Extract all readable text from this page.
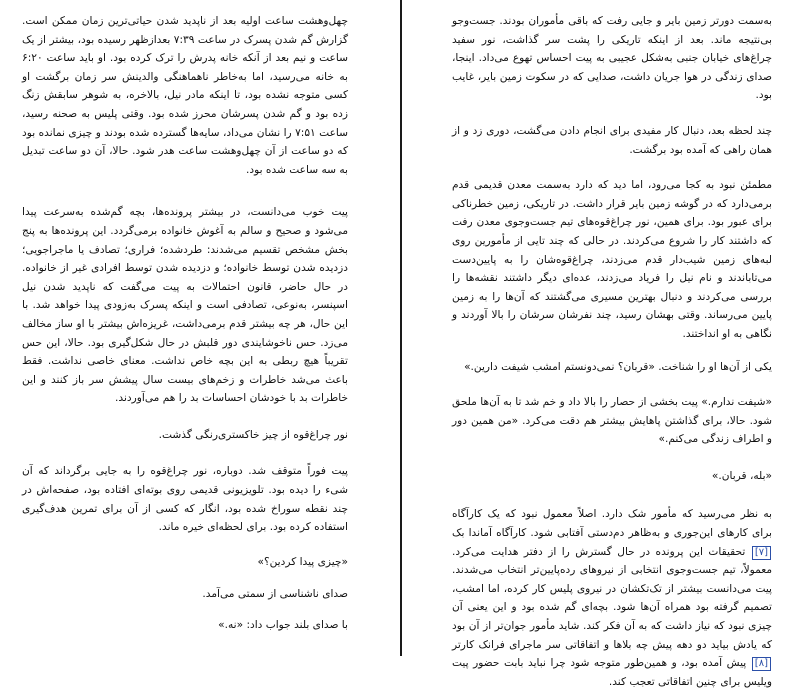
به‌سمت دورتر زمین بایر و جایی رفت که باقی مأموران بودند. جست‌وجو بی‌نتیجه ماند. بعد از اینکه تاریکی را پشت سر گذاشت، نور سفید چراغ‌های خیابان جنبی به‌شکل عجیبی به پیت احساس تهوع می‌داد. اینجا، صدای زندگی در هوا جریان داشت، صدایی که در سکوت زمین بایر، غایب بود.

چند لحظه بعد، دنبال کار مفیدی برای انجام دادن می‌گشت، دوری زد و از همان راهی که آمده بود برگشت.

مطمئن نبود به کجا می‌رود، اما دید که دارد به‌سمت معدن قدیمی قدم برمی‌دارد که در گوشه زمین بایر قرار داشت. در تاریکی، زمین خطرناکی برای عبور بود. برای همین، نور چراغ‌قوه‌های تیم جست‌وجوی معدن رفت که داشتند کار را شروع می‌کردند. در حالی که چند تایی از مأمورین روی لبه‌های زمین شیب‌دار قدم می‌زدند، چراغ‌قوه‌شان را به پایین‌دست می‌تاباندند و نام نیل را فریاد می‌زدند، عده‌ای دیگر داشتند نقشه‌ها را بررسی می‌کردند و دنبال بهترین مسیری می‌گشتند که آن‌ها را به زمین پایین می‌رساند. وقتی بهشان رسید، چند نفرشان سرشان را بالا آوردند و نگاهی به او انداختند.

یکی از آن‌ها او را شناخت. «قربان؟ نمی‌دونستم امشب شیفت دارین.»

«شیفت ندارم.» پیت بخشی از حصار را بالا داد و خم شد تا به آن‌ها ملحق شود. حالا، برای گذاشتن پاهایش بیشتر هم دقت می‌کرد. «من همین دور و اطراف زندگی می‌کنم.»

«بله، قربان.»

به نظر می‌رسید که مأمور شک دارد. اصلاً معمول نبود که یک کارآگاه برای کارهای این‌جوری و به‌ظاهر دم‌دستی آفتابی شود. کارآگاه آماندا بک [۷] تحقیقات این پرونده در حال گسترش را از دفتر هدایت می‌کرد. معمولاً، تیم جست‌وجوی انتخابی از نیروهای رده‌پایین‌تر انتخاب می‌شدند. پیت می‌دانست بیشتر از تک‌تکشان در نیروی پلیس کار کرده، اما امشب، تصمیم گرفته بود همراه آن‌ها شود. بچه‌ای گم شده بود و این یعنی آن چیزی نبود که نیاز داشت که به آن فکر کند. شاید مأمور جوان‌تر از آن بود که یادش بیاید دو دهه پیش چه بلاها و اتفاقاتی سر ماجرای فرانک کارتر [۸] پیش آمده بود، و همین‌طور متوجه شود چرا نباید بابت حضور پیت ویلیس برای چنین اتفاقاتی تعجب کند.

چهل‌وهشت ساعت اولیه بعد از ناپدید شدن حیاتی‌ترین زمان ممکن است. گزارش گم شدن پسرک در ساعت ۷:۳۹ بعدازظهر رسیده بود، بیشتر از یک ساعت و نیم بعد از آنکه خانه پدرش را ترک کرده بود. او باید ساعت ۶:۲۰ به خانه می‌رسید، اما به‌خاطر ناهماهنگی والدینش سر زمان برگشت او کسی متوجه نشده بود، تا اینکه مادر نیل، بالاخره، به شوهر سابقش زنگ زده بود و گم شدن پسرشان محرز شده بود. وقتی پلیس به صحنه رسید، ساعت ۷:۵۱ را نشان می‌داد، سایه‌ها گسترده شده بودند و چیزی نمانده بود که دو ساعت از آن چهل‌وهشت ساعت هدر شود. حالا، آن دو ساعت تبدیل به سه ساعت شده بود.

پیت خوب می‌دانست، در بیشتر پرونده‌ها، بچه گم‌شده به‌سرعت پیدا می‌شود و صحیح و سالم به آغوش خانواده برمی‌گردد. این پرونده‌ها به پنج بخش مشخص تقسیم می‌شدند: طردشده؛ فراری؛ تصادف یا ماجراجویی؛ دزدیده شدن توسط خانواده؛ و دزدیده شدن توسط افرادی غیر از خانواده. در حال حاضر، قانون احتمالات به پیت می‌گفت که ناپدید شدن نیل اسپنسر، به‌نوعی، تصادفی است و اینکه پسرک به‌زودی پیدا خواهد شد. با این حال، هر چه بیشتر قدم برمی‌داشت، غریزه‌اش بیشتر با او ساز مخالف می‌زد. حس ناخوشایندی دور قلبش در حال شکل‌گیری بود. حالا، این حس تقریباً هیچ ربطی به این بچه خاص نداشت. معنای خاصی نداشت. فقط باعث می‌شد خاطرات و زخم‌های بیست سال پیشش سر باز کنند و این خاطرات بد با خودشان احساسات بد را هم می‌آوردند.

نور چراغ‌قوه از چیز خاکستری‌رنگی گذشت.

پیت فوراً متوقف شد. دوباره، نور چراغ‌قوه را به جایی برگرداند که آن شیء را دیده بود. تلویزیونی قدیمی روی بوته‌ای افتاده بود، صفحه‌اش در چند نقطه سوراخ شده بود، انگار که کسی از آن برای تمرین هدف‌گیری استفاده کرده بود. برای لحظه‌ای خیره ماند.

«چیزی پیدا کردین؟»

صدای ناشناسی از سمتی می‌آمد.

با صدای بلند جواب داد: «نه.»
